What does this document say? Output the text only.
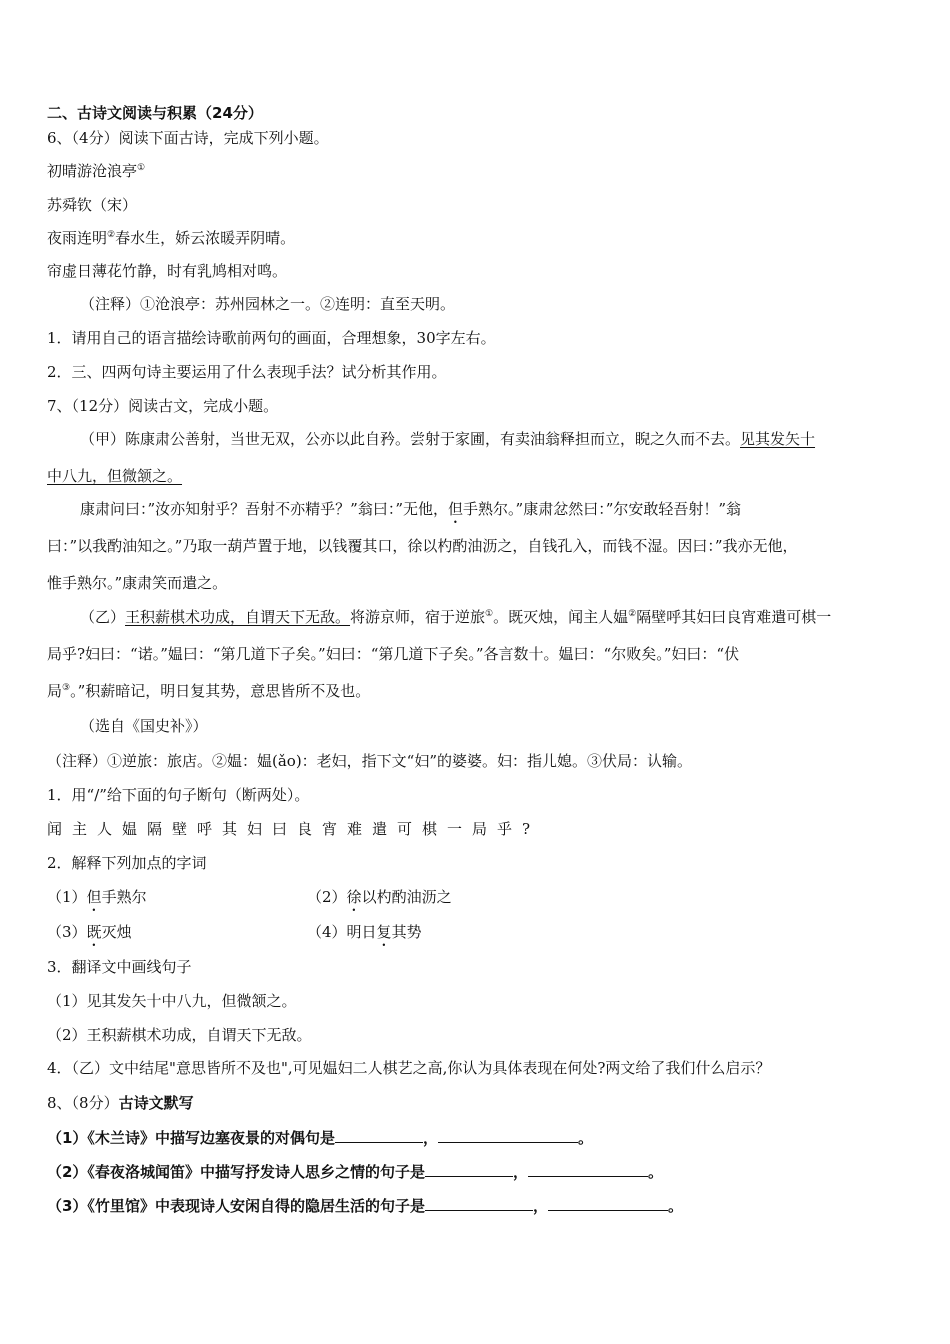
二、古诗文阅读与积累（24分）
6、（4分）阅读下面古诗，完成下列小题。
初晴游沧浪亭①
苏舜钦（宋）
夜雨连明②春水生，娇云浓暖弄阴晴。
帘虚日薄花竹静，时有乳鸠相对鸣。
（注释）①沧浪亭：苏州园林之一。②连明：直至天明。
1．请用自己的语言描绘诗歌前两句的画面，合理想象，30字左右。
2．三、四两句诗主要运用了什么表现手法？试分析其作用。
7、（12分）阅读古文，完成小题。
（甲）陈康肃公善射，当世无双，公亦以此自矜。尝射于家圃，有卖油翁释担而立，睨之久而不去。见其发矢十
中八九，但微颔之。
康肃问曰：”汝亦知射乎？吾射不亦精乎？”翁曰：”无他，但手熟尔。”康肃忿然曰：”尔安敢轻吾射！”翁
曰：”以我酌油知之。”乃取一葫芦置于地，以钱覆其口，徐以杓酌油沥之，自钱孔入，而钱不湿。因曰：”我亦无他，
惟手熟尔。”康肃笑而遣之。
（乙）王积薪棋术功成，自谓天下无敌。将游京师，宿于逆旅①。既灭烛，闻主人媪②隔壁呼其妇曰良宵难遣可棋一
局乎?妇曰：“诺。”媪曰：“第几道下子矣。”妇曰：“第几道下子矣。”各言数十。媪曰：“尔败矣。”妇曰：“伏
局③。”积薪暗记，明日复其势，意思皆所不及也。
（选自《国史补》）
（注释）①逆旅：旅店。②媪：媪(ǎo)：老妇，指下文“妇”的婆婆。妇：指儿媳。③伏局：认输。
1．用“/”给下面的句子断句（断两处）。
闻主人媪隔壁呼其妇曰良宵难遣可棋一局乎?
2．解释下列加点的字词
（1）但手熟尔	（2）徐以杓酌油沥之
（3）既灭烛	（4）明日复其势
3．翻译文中画线句子
（1）见其发矢十中八九，但微颔之。
（2）王积薪棋术功成，自谓天下无敌。
4．（乙）文中结尾"意思皆所不及也",可见媪妇二人棋艺之高,你认为具体表现在何处?两文给了我们什么启示？
8、（8分）古诗文默写
（1）《木兰诗》中描写边塞夜景的对偶句是	，	。
（2）《春夜洛城闻笛》中描写抒发诗人思乡之情的句子是	，	。
（3）《竹里馆》中表现诗人安闲自得的隐居生活的句子是	，	。
